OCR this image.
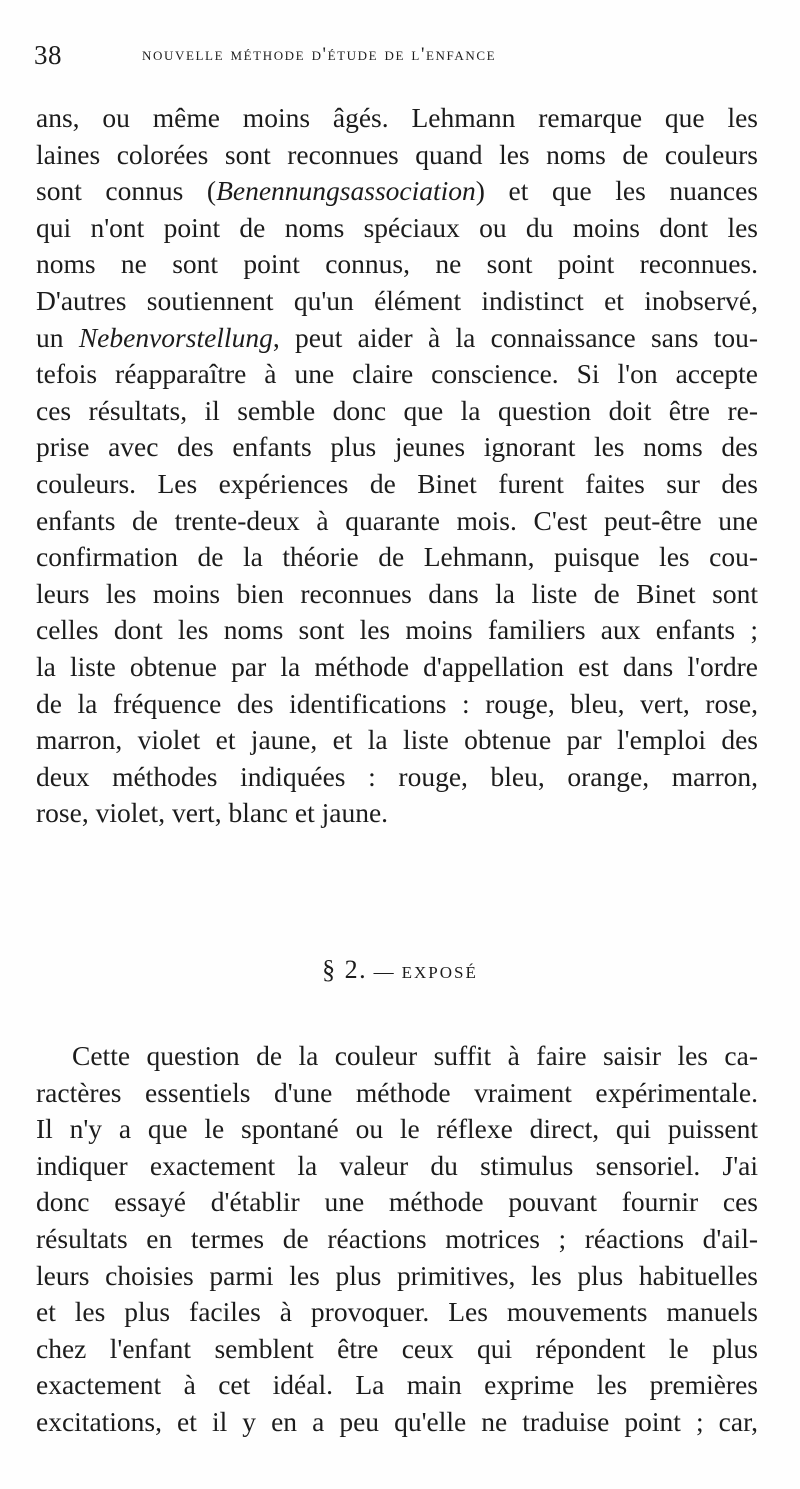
38	nouvelle méthode d'étude de l'enfance
ans, ou même moins âgés. Lehmann remarque que les
laines colorées sont reconnues quand les noms de couleurs
sont connus (Benennungsassociation) et que les nuances
qui n'ont point de noms spéciaux ou du moins dont les
noms ne sont point connus, ne sont point reconnues.
D'autres soutiennent qu'un élément indistinct et inobservé,
un Nebenvorstellung, peut aider à la connaissance sans tou-
tefois réapparaître à une claire conscience. Si l'on accepte
ces résultats, il semble donc que la question doit être re-
prise avec des enfants plus jeunes ignorant les noms des
couleurs. Les expériences de Binet furent faites sur des
enfants de trente-deux à quarante mois. C'est peut-être une
confirmation de la théorie de Lehmann, puisque les cou-
leurs les moins bien reconnues dans la liste de Binet sont
celles dont les noms sont les moins familiers aux enfants ;
la liste obtenue par la méthode d'appellation est dans l'ordre
de la fréquence des identifications : rouge, bleu, vert, rose,
marron, violet et jaune, et la liste obtenue par l'emploi des
deux méthodes indiquées : rouge, bleu, orange, marron,
rose, violet, vert, blanc et jaune.
§ 2. — EXPOSÉ
Cette question de la couleur suffit à faire saisir les ca-
ractères essentiels d'une méthode vraiment expérimentale.
Il n'y a que le spontané ou le réflexe direct, qui puissent
indiquer exactement la valeur du stimulus sensoriel. J'ai
donc essayé d'établir une méthode pouvant fournir ces
résultats en termes de réactions motrices ; réactions d'ail-
leurs choisies parmi les plus primitives, les plus habituelles
et les plus faciles à provoquer. Les mouvements manuels
chez l'enfant semblent être ceux qui répondent le plus
exactement à cet idéal. La main exprime les premières
excitations, et il y en a peu qu'elle ne traduise point ; car,
